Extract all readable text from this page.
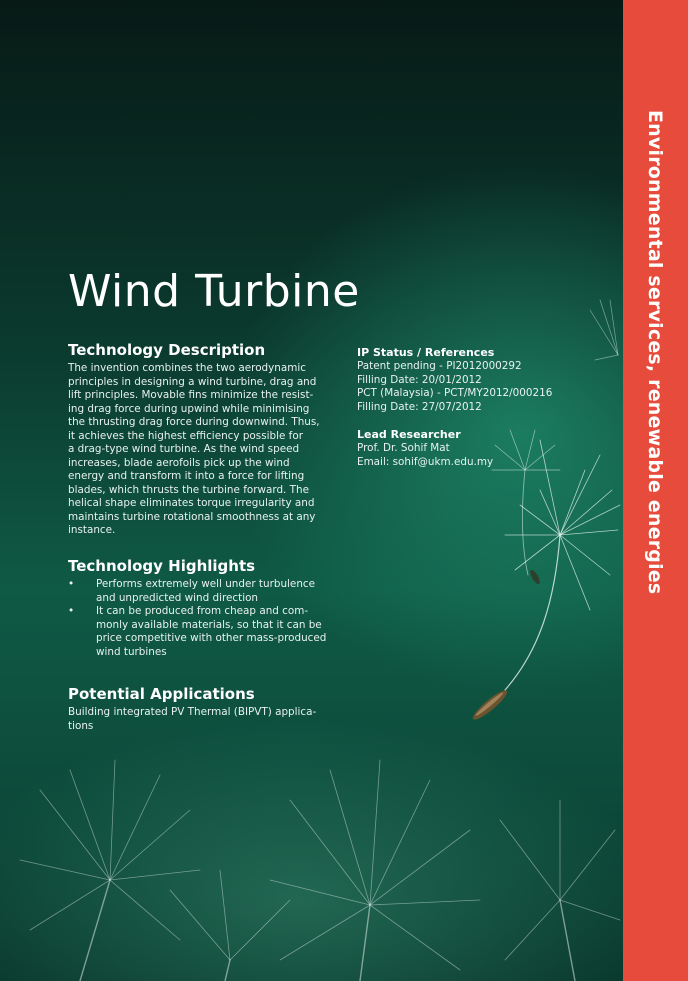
Environmental services, renewable energies
Wind Turbine
Technology Description
The invention combines the two aerodynamic
principles in designing a wind turbine, drag and
lift principles. Movable fins minimize the resist-
ing drag force during upwind while minimising
the thrusting drag force during downwind. Thus,
it achieves the highest efficiency possible for
a drag-type wind turbine. As the wind speed
increases, blade aerofoils pick up the wind
energy and transform it into a force for lifting
blades, which thrusts the turbine forward. The
helical shape eliminates torque irregularity and
maintains turbine rotational smoothness at any
instance.
Technology Highlights
• Performs extremely well under turbulence
and unpredicted wind direction
• It can be produced from cheap and com-
monly available materials, so that it can be
price competitive with other mass-produced
wind turbines
Potential Applications
Building integrated PV Thermal (BIPVT) applica-
tions
IP Status / References
Patent pending - PI2012000292
Filling Date: 20/01/2012
PCT (Malaysia) - PCT/MY2012/000216
Filling Date: 27/07/2012
Lead Researcher
Prof. Dr. Sohif Mat
Email: sohif@ukm.edu.my
